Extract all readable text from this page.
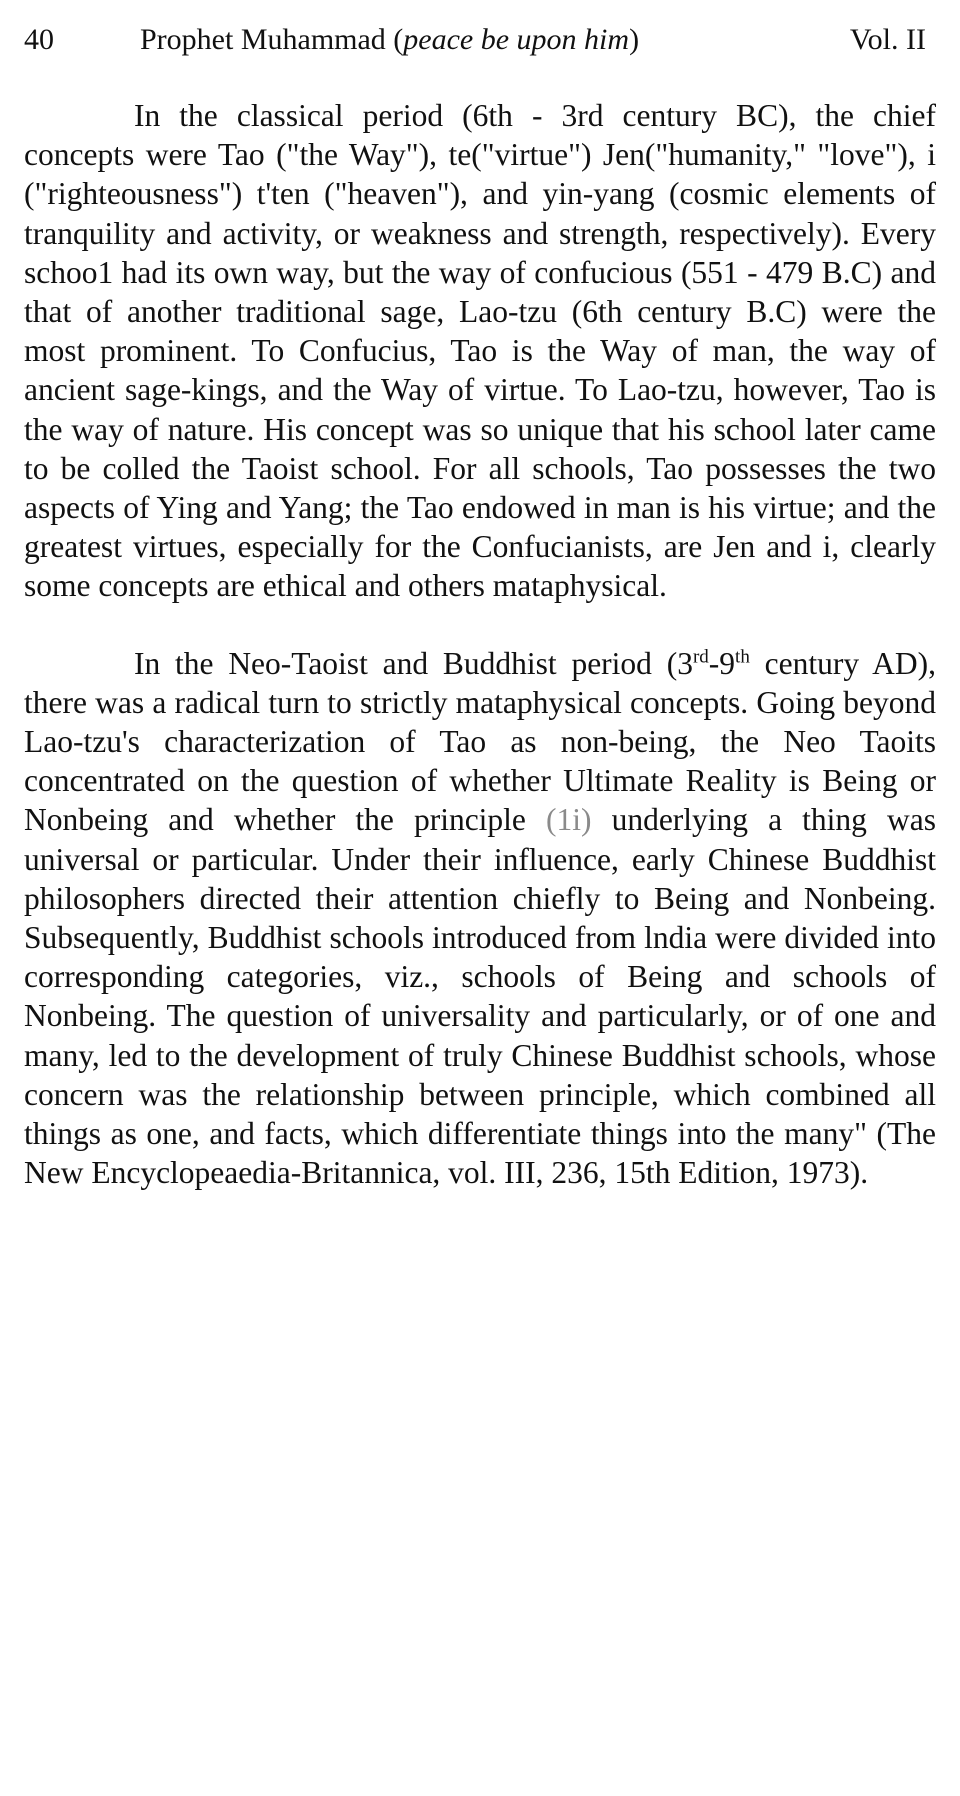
40	Prophet Muhammad (peace be upon him)	Vol. II

In the classical period (6th - 3rd century BC), the chief concepts were Tao ("the Way"), te("virtue") Jen("humanity," "love"), i ("righteousness") t'ten ("heaven"), and yin-yang (cosmic elements of tranquility and activity, or weakness and strength, respectively). Every schoo1 had its own way, but the way of confucious (551 - 479 B.C) and that of another traditional sage, Lao-tzu (6th century B.C) were the most prominent. To Confucius, Tao is the Way of man, the way of ancient sage-kings, and the Way of virtue. To Lao-tzu, however, Tao is the way of nature. His concept was so unique that his school later came to be colled the Taoist school. For all schools, Tao possesses the two aspects of Ying and Yang; the Tao endowed in man is his virtue; and the greatest virtues, especially for the Confucianists, are Jen and i, clearly some concepts are ethical and others mataphysical.

In the Neo-Taoist and Buddhist period (3rd-9th century AD), there was a radical turn to strictly mataphysical concepts. Going beyond Lao-tzu's characterization of Tao as non-being, the Neo Taoits concentrated on the question of whether Ultimate Reality is Being or Nonbeing and whether the principle (1i) underlying a thing was universal or particular. Under their influence, early Chinese Buddhist philosophers directed their attention chiefly to Being and Nonbeing. Subsequently, Buddhist schools introduced from lndia were divided into corresponding categories, viz., schools of Being and schools of Nonbeing. The question of universality and particularly, or of one and many, led to the development of truly Chinese Buddhist schools, whose concern was the relationship between principle, which combined all things as one, and facts, which differentiate things into the many" (The New Encyclopeaedia-Britannica, vol. III, 236, 15th Edition, 1973).
